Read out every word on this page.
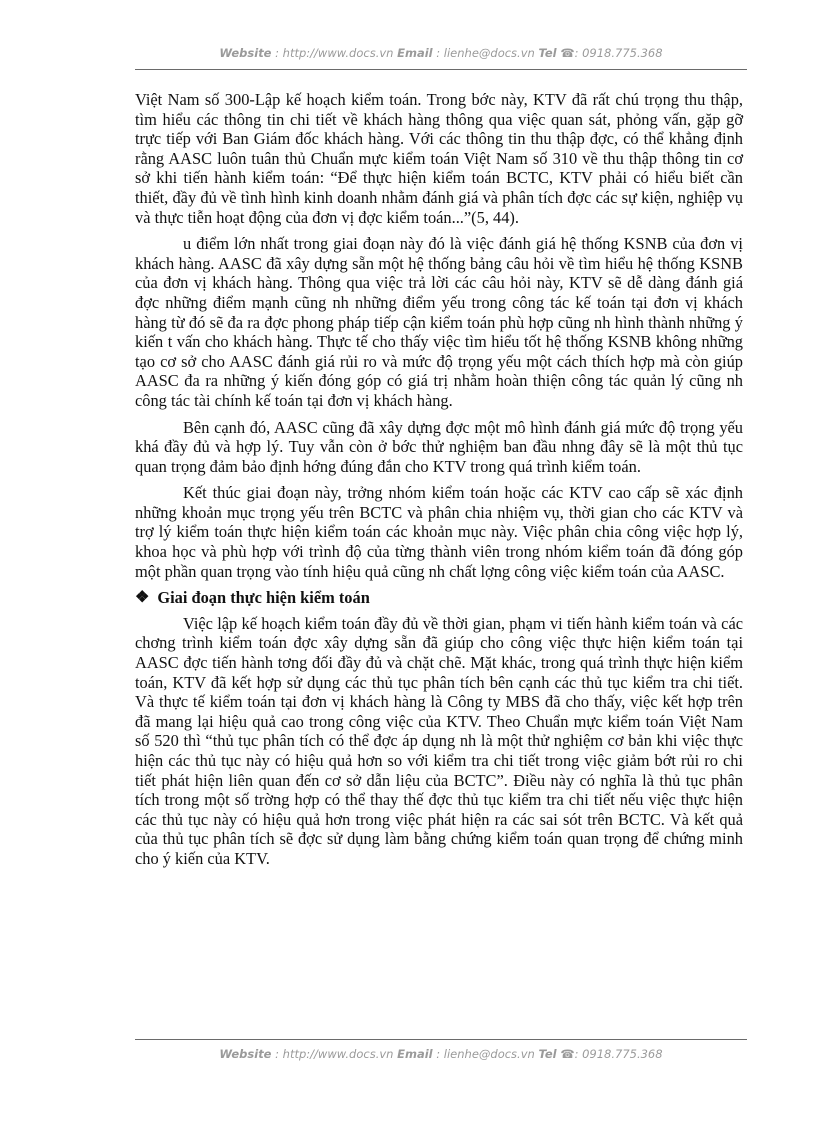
Website : http://www.docs.vn Email : lienhe@docs.vn Tel ☎: 0918.775.368

Việt Nam số 300-Lập kế hoạch kiểm toán. Trong bớc này, KTV đã rất chú trọng thu thập, tìm hiểu các thông tin chi tiết về khách hàng thông qua việc quan sát, phỏng vấn, gặp gỡ trực tiếp với Ban Giám đốc khách hàng. Với các thông tin thu thập đợc, có thể khẳng định rằng AASC luôn tuân thủ Chuẩn mực kiểm toán Việt Nam số 310 về thu thập thông tin cơ sở khi tiến hành kiểm toán: “Để thực hiện kiểm toán BCTC, KTV phải có hiểu biết cần thiết, đầy đủ về tình hình kinh doanh nhằm đánh giá và phân tích đợc các sự kiện, nghiệp vụ và thực tiễn hoạt động của đơn vị đợc kiểm toán...”(5, 44).

u điểm lớn nhất trong giai đoạn này đó là việc đánh giá hệ thống KSNB của đơn vị khách hàng. AASC đã xây dựng sẵn một hệ thống bảng câu hỏi về tìm hiểu hệ thống KSNB của đơn vị khách hàng. Thông qua việc trả lời các câu hỏi này, KTV sẽ dễ dàng đánh giá đợc những điểm mạnh cũng nh những điểm yếu trong công tác kế toán tại đơn vị khách hàng từ đó sẽ đa ra đợc phong pháp tiếp cận kiểm toán phù hợp cũng nh hình thành những ý kiến t vấn cho khách hàng. Thực tế cho thấy việc tìm hiểu tốt hệ thống KSNB không những tạo cơ sở cho AASC đánh giá rủi ro và mức độ trọng yếu một cách thích hợp mà còn giúp AASC đa ra những ý kiến đóng góp có giá trị nhằm hoàn thiện công tác quản lý cũng nh công tác tài chính kế toán tại đơn vị khách hàng.

Bên cạnh đó, AASC cũng đã xây dựng đợc một mô hình đánh giá mức độ trọng yếu khá đầy đủ và hợp lý. Tuy vẫn còn ở bớc thử nghiệm ban đầu nhng đây sẽ là một thủ tục quan trọng đảm bảo định hớng đúng đắn cho KTV trong quá trình kiểm toán.

Kết thúc giai đoạn này, trởng nhóm kiểm toán hoặc các KTV cao cấp sẽ xác định những khoản mục trọng yếu trên BCTC và phân chia nhiệm vụ, thời gian cho các KTV và trợ lý kiểm toán thực hiện kiểm toán các khoản mục này. Việc phân chia công việc hợp lý, khoa học và phù hợp với trình độ của từng thành viên trong nhóm kiểm toán đã đóng góp một phần quan trọng vào tính hiệu quả cũng nh chất lợng công việc kiểm toán của AASC.

❖ Giai đoạn thực hiện kiểm toán

Việc lập kế hoạch kiểm toán đầy đủ về thời gian, phạm vi tiến hành kiểm toán và các chơng trình kiểm toán đợc xây dựng sẵn đã giúp cho công việc thực hiện kiểm toán tại AASC đợc tiến hành tơng đối đầy đủ và chặt chẽ. Mặt khác, trong quá trình thực hiện kiểm toán, KTV đã kết hợp sử dụng các thủ tục phân tích bên cạnh các thủ tục kiểm tra chi tiết. Và thực tế kiểm toán tại đơn vị khách hàng là Công ty MBS đã cho thấy, việc kết hợp trên đã mang lại hiệu quả cao trong công việc của KTV. Theo Chuẩn mực kiểm toán Việt Nam số 520 thì “thủ tục phân tích có thể đợc áp dụng nh là một thử nghiệm cơ bản khi việc thực hiện các thủ tục này có hiệu quả hơn so với kiểm tra chi tiết trong việc giảm bớt rủi ro chi tiết phát hiện liên quan đến cơ sở dẫn liệu của BCTC”. Điều này có nghĩa là thủ tục phân tích trong một số trờng hợp có thể thay thế đợc thủ tục kiểm tra chi tiết nếu việc thực hiện các thủ tục này có hiệu quả hơn trong việc phát hiện ra các sai sót trên BCTC. Và kết quả của thủ tục phân tích sẽ đợc sử dụng làm bằng chứng kiểm toán quan trọng để chứng minh cho ý kiến của KTV.

Website : http://www.docs.vn Email : lienhe@docs.vn Tel ☎: 0918.775.368
